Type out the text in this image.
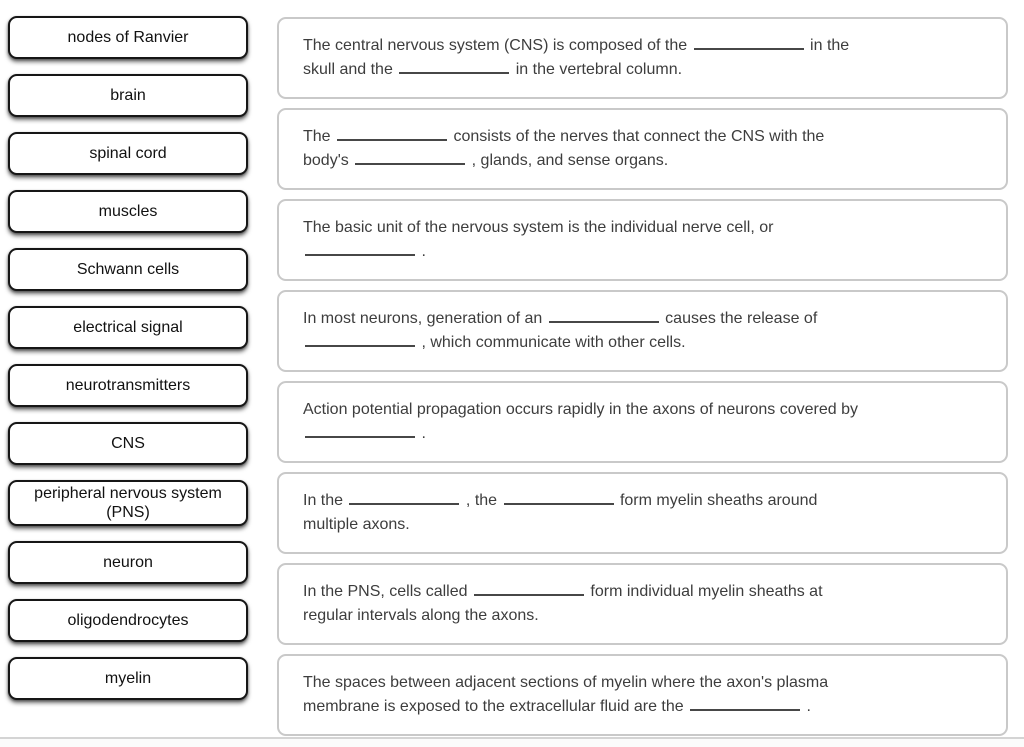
nodes of Ranvier
brain
spinal cord
muscles
Schwann cells
electrical signal
neurotransmitters
CNS
peripheral nervous system (PNS)
neuron
oligodendrocytes
myelin
The central nervous system (CNS) is composed of the	in the
skull and the	in the vertebral column.
The	consists of the nerves that connect the CNS with the
body's	, glands, and sense organs.
The basic unit of the nervous system is the individual nerve cell, or
.
In most neurons, generation of an	causes the release of
, which communicate with other cells.
Action potential propagation occurs rapidly in the axons of neurons covered by
.
In the	, the	form myelin sheaths around
multiple axons.
In the PNS, cells called	form individual myelin sheaths at
regular intervals along the axons.
The spaces between adjacent sections of myelin where the axon's plasma
membrane is exposed to the extracellular fluid are the	.
